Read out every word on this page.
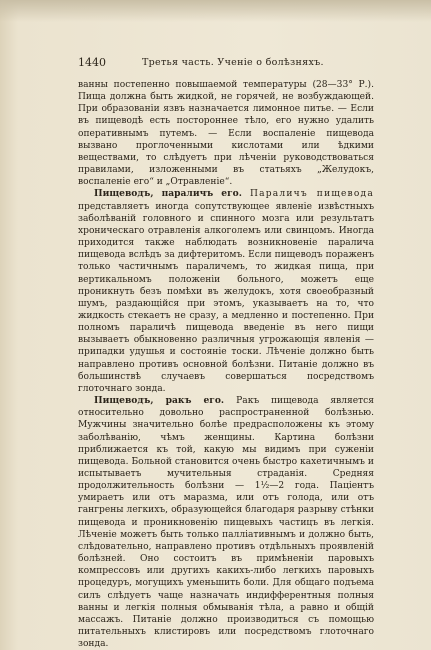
1440	Третья часть. Ученiе о болѣзняхъ.

ванны постепенно повышаемой температуры (28—33° Р.). Пища должна быть жидкой, не горячей, не возбуждающей. При образованiи язвъ назначается лимонное питье. — Если въ пищеводѣ есть постороннее тѣло, его нужно удалить оперативнымъ путемъ. — Если воспаленiе пищевода вызвано проглоченными кислотами или ѣдкими веществами, то слѣдуетъ при лѣченiи руководствоваться правилами, изложенными въ статьяхъ „Желудокъ, воспаленiе его“ и „Отравленiе“.

Пищеводъ, параличъ его. Параличъ пищевода представляетъ иногда сопутствующее явленiе извѣстныхъ заболѣванiй головного и спинного мозга или результатъ хроническаго отравленiя алкоголемъ или свинцомъ. Иногда приходится также наблюдать возникновенiе паралича пищевода вслѣдъ за дифтеритомъ. Если пищеводъ пораженъ только частичнымъ параличемъ, то жидкая пища, при вертикальномъ положенiи больного, можетъ еще проникнуть безъ помѣхи въ желудокъ, хотя своеобразный шумъ, раздающiйся при этомъ, указываетъ на то, что жидкость стекаетъ не сразу, а медленно и постепенно. При полномъ параличѣ пищевода введенiе въ него пищи вызываетъ обыкновенно различныя угрожающiя явленiя — припадки удушья и состоянiе тоски. Лѣченiе должно быть направлено противъ основной болѣзни. Питанiе должно въ большинствѣ случаевъ совершаться посредствомъ глоточнаго зонда.

Пищеводъ, ракъ его. Ракъ пищевода является относительно довольно распространенной болѣзнью. Мужчины значительно болѣе предрасположены къ этому заболѣванiю, чѣмъ женщины. Картина болѣзни приближается къ той, какую мы видимъ при суженiи пищевода. Больной становится очень быстро кахетичнымъ и испытываетъ мучительныя страданiя. Средняя продолжительность болѣзни — 1½—2 года. Пацiентъ умираетъ или отъ маразма, или отъ голода, или отъ гангрены легкихъ, образующейся благодаря разрыву стѣнки пищевода и проникновенiю пищевыхъ частицъ въ легкiя. Лѣченiе можетъ быть только паллiативнымъ и должно быть, слѣдовательно, направлено противъ отдѣльныхъ проявленiй болѣзней. Оно состоитъ въ примѣненiи паровыхъ компрессовъ или другихъ какихъ-либо легкихъ паровыхъ процедуръ, могущихъ уменьшить боли. Для общаго подъема силъ слѣдуетъ чаще назначать индифферентныя полныя ванны и легкiя полныя обмыванiя тѣла, а равно и общiй массажъ. Питанiе должно производиться съ помощью питательныхъ клистировъ или посредствомъ глоточнаго зонда.
